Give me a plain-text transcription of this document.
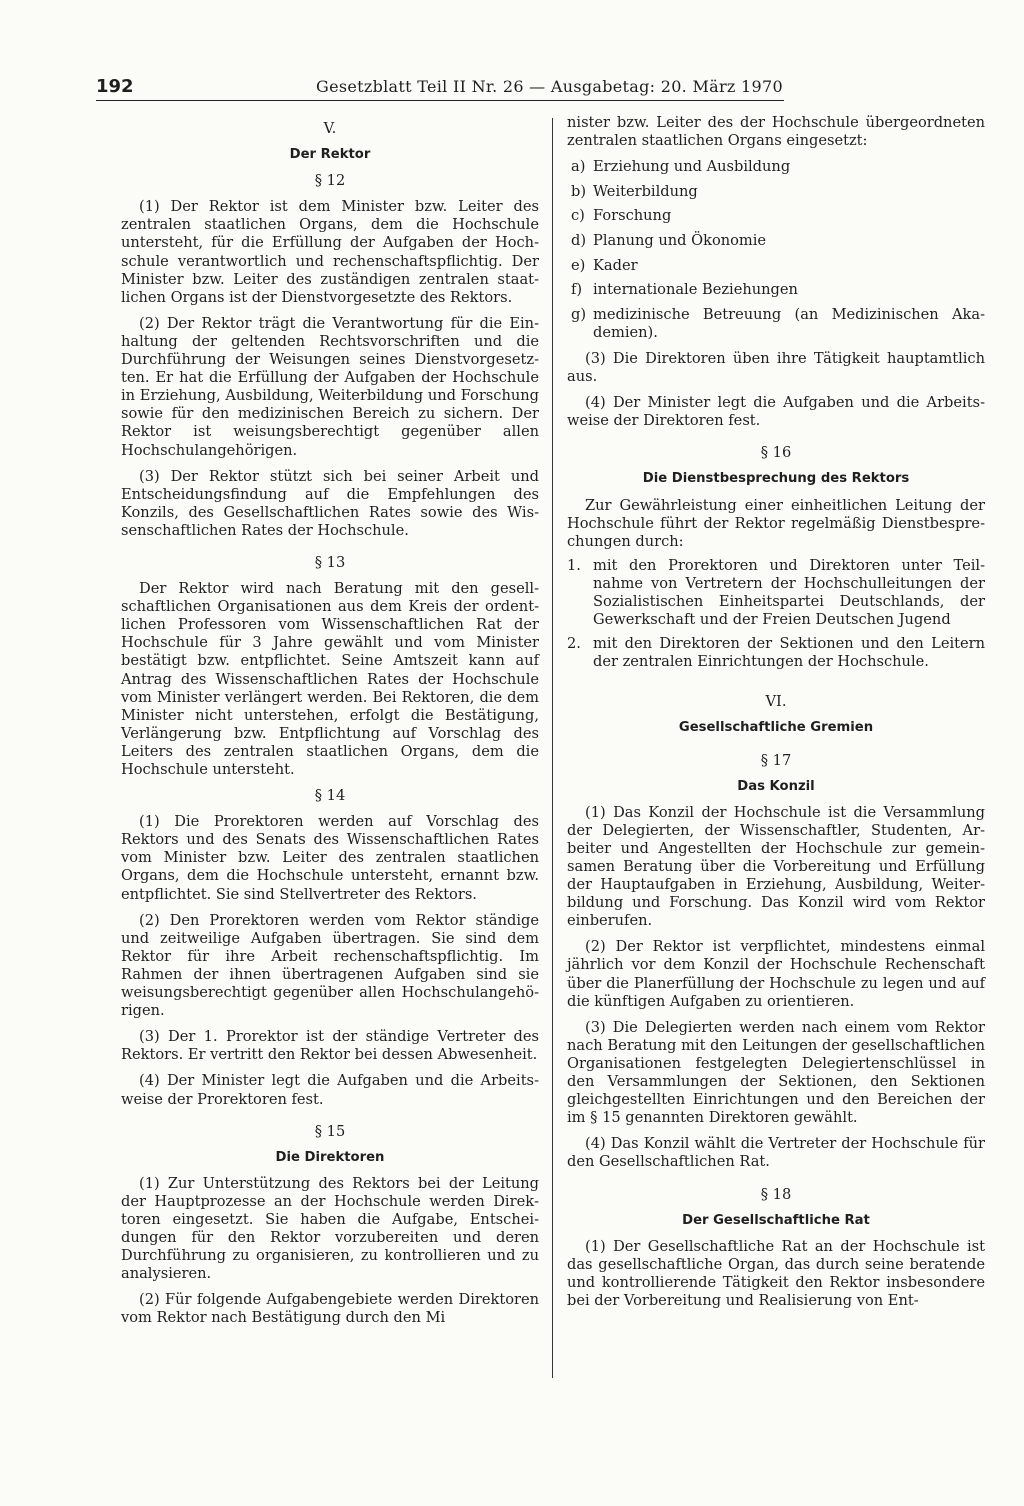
192	Gesetzblatt Teil II Nr. 26 — Ausgabetag: 20. März 1970
V.
Der Rektor
§ 12

(1) Der Rektor ist dem Minister bzw. Leiter des zentralen staatlichen Organs, dem die Hochschule untersteht, für die Erfüllung der Aufgaben der Hochschule verantwortlich und rechenschaftspflichtig. Der Minister bzw. Leiter des zuständigen zentralen staatlichen Organs ist der Dienstvorgesetzte des Rektors.

(2) Der Rektor trägt die Verantwortung für die Einhaltung der geltenden Rechtsvorschriften und die Durchführung der Weisungen seines Dienstvorgesetzten. Er hat die Erfüllung der Aufgaben der Hochschule in Erziehung, Ausbildung, Weiterbildung und Forschung sowie für den medizinischen Bereich zu sichern. Der Rektor ist weisungsberechtigt gegenüber allen Hochschulangehörigen.

(3) Der Rektor stützt sich bei seiner Arbeit und Entscheidungsfindung auf die Empfehlungen des Konzils, des Gesellschaftlichen Rates sowie des Wissenschaftlichen Rates der Hochschule.

§ 13

Der Rektor wird nach Beratung mit den gesellschaftlichen Organisationen aus dem Kreis der ordentlichen Professoren vom Wissenschaftlichen Rat der Hochschule für 3 Jahre gewählt und vom Minister bestätigt bzw. entpflichtet. Seine Amtszeit kann auf Antrag des Wissenschaftlichen Rates der Hochschule vom Minister verlängert werden. Bei Rektoren, die dem Minister nicht unterstehen, erfolgt die Bestätigung, Verlängerung bzw. Entpflichtung auf Vorschlag des Leiters des zentralen staatlichen Organs, dem die Hochschule untersteht.

§ 14

(1) Die Prorektoren werden auf Vorschlag des Rektors und des Senats des Wissenschaftlichen Rates vom Minister bzw. Leiter des zentralen staatlichen Organs, dem die Hochschule untersteht, ernannt bzw. entpflichtet. Sie sind Stellvertreter des Rektors.

(2) Den Prorektoren werden vom Rektor ständige und zeitweilige Aufgaben übertragen. Sie sind dem Rektor für ihre Arbeit rechenschaftspflichtig. Im Rahmen der ihnen übertragenen Aufgaben sind sie weisungsberechtigt gegenüber allen Hochschulangehörigen.

(3) Der 1. Prorektor ist der ständige Vertreter des Rektors. Er vertritt den Rektor bei dessen Abwesenheit.

(4) Der Minister legt die Aufgaben und die Arbeitsweise der Prorektoren fest.

§ 15
Die Direktoren

(1) Zur Unterstützung des Rektors bei der Leitung der Hauptprozesse an der Hochschule werden Direktoren eingesetzt. Sie haben die Aufgabe, Entscheidungen für den Rektor vorzubereiten und deren Durchführung zu organisieren, zu kontrollieren und zu analysieren.

(2) Für folgende Aufgabengebiete werden Direktoren vom Rektor nach Bestätigung durch den Mi

nister bzw. Leiter des der Hochschule übergeordneten zentralen staatlichen Organs eingesetzt:

a) Erziehung und Ausbildung
b) Weiterbildung
c) Forschung
d) Planung und Ökonomie
e) Kader
f) internationale Beziehungen
g) medizinische Betreuung (an Medizinischen Akademien).

(3) Die Direktoren üben ihre Tätigkeit hauptamtlich aus.

(4) Der Minister legt die Aufgaben und die Arbeitsweise der Direktoren fest.

§ 16
Die Dienstbesprechung des Rektors

Zur Gewährleistung einer einheitlichen Leitung der Hochschule führt der Rektor regelmäßig Dienstbesprechungen durch:

1. mit den Prorektoren und Direktoren unter Teilnahme von Vertretern der Hochschulleitungen der Sozialistischen Einheitspartei Deutschlands, der Gewerkschaft und der Freien Deutschen Jugend
2. mit den Direktoren der Sektionen und den Leitern der zentralen Einrichtungen der Hochschule.
VI.
Gesellschaftliche Gremien
§ 17
Das Konzil

(1) Das Konzil der Hochschule ist die Versammlung der Delegierten, der Wissenschaftler, Studenten, Arbeiter und Angestellten der Hochschule zur gemeinsamen Beratung über die Vorbereitung und Erfüllung der Hauptaufgaben in Erziehung, Ausbildung, Weiterbildung und Forschung. Das Konzil wird vom Rektor einberufen.

(2) Der Rektor ist verpflichtet, mindestens einmal jährlich vor dem Konzil der Hochschule Rechenschaft über die Planerfüllung der Hochschule zu legen und auf die künftigen Aufgaben zu orientieren.

(3) Die Delegierten werden nach einem vom Rektor nach Beratung mit den Leitungen der gesellschaftlichen Organisationen festgelegten Delegiertenschlüssel in den Versammlungen der Sektionen, den Sektionen gleichgestellten Einrichtungen und den Bereichen der im § 15 genannten Direktoren gewählt.

(4) Das Konzil wählt die Vertreter der Hochschule für den Gesellschaftlichen Rat.

§ 18
Der Gesellschaftliche Rat

(1) Der Gesellschaftliche Rat an der Hochschule ist das gesellschaftliche Organ, das durch seine beratende und kontrollierende Tätigkeit den Rektor insbesondere bei der Vorbereitung und Realisierung von Ent-
